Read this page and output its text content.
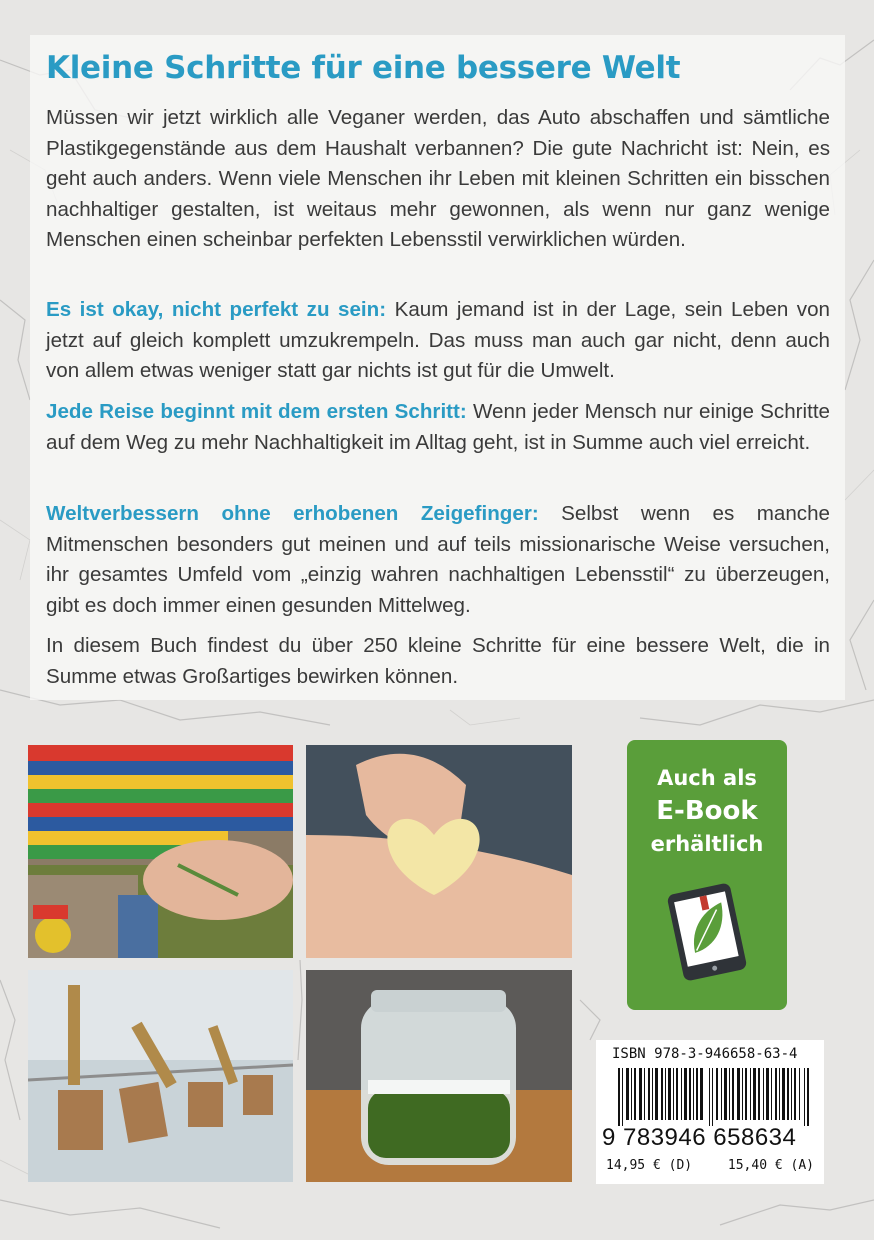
Kleine Schritte für eine bessere Welt

Müssen wir jetzt wirklich alle Veganer werden, das Auto abschaffen und sämtliche Plastikgegenstände aus dem Haushalt verbannen? Die gute Nachricht ist: Nein, es geht auch anders. Wenn viele Menschen ihr Leben mit kleinen Schritten ein bisschen nachhaltiger gestalten, ist weitaus mehr gewonnen, als wenn nur ganz wenige Menschen einen scheinbar perfekten Lebensstil verwirklichen würden.

Es ist okay, nicht perfekt zu sein: Kaum jemand ist in der Lage, sein Leben von jetzt auf gleich komplett umzukrempeln. Das muss man auch gar nicht, denn auch von allem etwas weniger statt gar nichts ist gut für die Umwelt.

Jede Reise beginnt mit dem ersten Schritt: Wenn jeder Mensch nur einige Schritte auf dem Weg zu mehr Nachhaltigkeit im Alltag geht, ist in Summe auch viel erreicht.

Weltverbessern ohne erhobenen Zeigefinger: Selbst wenn es manche Mitmenschen besonders gut meinen und auf teils missionarische Weise versuchen, ihr gesamtes Umfeld vom „einzig wahren nachhaltigen Lebensstil“ zu überzeugen, gibt es doch immer einen gesunden Mittelweg.

In diesem Buch findest du über 250 kleine Schritte für eine bessere Welt, die in Summe etwas Großartiges bewirken können.

Auch als
E-Book
erhältlich
ISBN 978-3-946658-63-4
9 783946 658634
14,95 € (D)	15,40 € (A)
